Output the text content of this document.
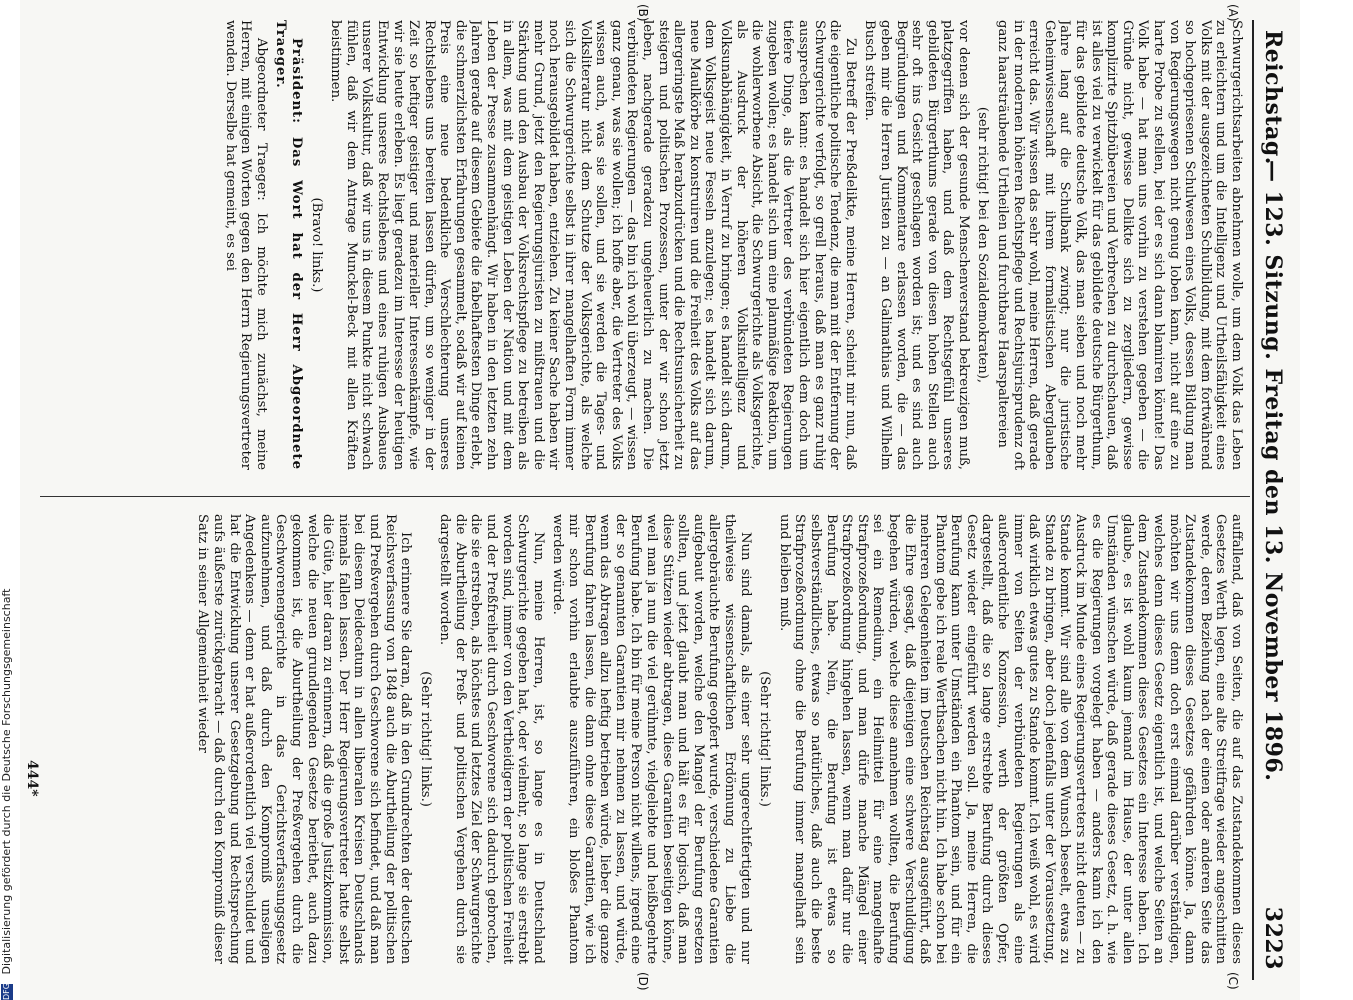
Reichstag.
— 123. Sitzung. Freitag den 13. November 1896.
3223
(A)
(B)
(C)
(D)

Schwurgerichtsarbeiten abnehmen wolle, um dem Volk das Leben zu erleichtern und um die Intelligenz und Urtheilsfähigkeit eines Volks mit der ausgezeichneten Schulbildung, mit dem fortwährend so hochgepriesenen Schulwesen eines Volks, dessen Bildung man von Regierungswegen nicht genug loben kann, nicht auf eine zu harte Probe zu stellen, bei der es sich dann blamiren könnte! Das Volk habe — hat man uns vorhin zu verstehen gegeben — die Gründe nicht, gewisse Delikte sich zu zergliedern, gewisse komplizirte Spitzbübereien und Verbrechen zu durchschauen, daß ist alles viel zu verwickelt für das gebildete deutsche Bürgerthum, für das gebildete deutsche Volk, das man sieben und noch mehr Jahre lang auf die Schulbank zwingt; nur die juristische Geheimwissenschaft mit ihrem formalistischen Aberglauben erreicht das. Wir wissen das sehr wohl, meine Herren, daß gerade in der modernen höheren Rechtspflege und Rechtsjurisprudenz oft ganz haarsträubende Urtheilen und furchtbare Haarspaltereien

(sehr richtig! bei den Sozialdemokraten),

vor denen sich der gesunde Menschenverstand bekreuzigen muß, platzgegriffen haben, und daß dem Rechtsgefühl unseres gebildeten Bürgerthums gerade von diesen hohen Stellen auch sehr oft ins Gesicht geschlagen worden ist; und es sind auch Begründungen und Kommentare erlassen worden, die — das geben mir die Herren Juristen zu — an Galimathias und Wilhelm Busch streifen.

Zu Betreff der Preßdelikte, meine Herren, scheint mir nun, daß die eigentliche politische Tendenz, die man mit der Entfernung der Schwurgerichte verfolgt, so grell heraus, daß man es ganz ruhig aussprechen kann: es handelt sich hier eigentlich dem doch um tiefere Dinge, als die Vertreter des verbündeten Regierungen zugeben wollen; es handelt sich um eine planmäßige Reaktion, um die wohlerworbene Absicht, die Schwurgerichte als Volksgerichte, als Ausdruck der höheren Volksintelligenz und Volksunabhängigkeit, in Verruf zu bringen; es handelt sich darum, dem Volksgeist neue Fesseln anzulegen; es handelt sich darum, neue Maulkörbe zu konstruiren und die Freiheit des Volks auf das allergeringste Maß herabzudrücken und die Rechtsunsicherheit zu steigern und politischen Prozessen, unter der wir schon jetzt leben, nachgerade geradezu ungeheuerlich zu machen. Die verbündeten Regierungen — das bin ich wohl überzeugt, — wissen ganz genau, was sie wollen; ich hoffe aber, die Vertreter des Volks wissen auch, was sie sollen, und sie werden die Tages- und Volksliteratur nicht dem Schutze der Volksgerichte, als welche sich die Schwurgerichte selbst in ihrer mangelhaften Form immer noch herausgebildet haben, entziehen. Zu keiner Sache haben wir mehr Grund, jetzt den Regierungsjuristen zu mißtrauen und die Stärkung und den Ausbau der Volksrechtspflege zu betreiben als in allem, was mit dem geistigen Leben der Nation und mit dem Leben der Presse zusammenhängt. Wir haben in den letzten zehn Jahren gerade auf diesem Gebiete die fabelhaftesten Dinge erlebt, die schmerzlichsten Erfahrungen gesammelt, sodaß wir auf keinen Preis eine neue bedenkliche Verschlechterung unseres Rechtslebens uns bereiten lassen dürfen, um so weniger in der Zeit so heftiger geistiger und materieller Interessenkämpfe, wie wir sie heute erleben. Es liegt geradezu im Interesse der heutigen Entwicklung unseres Rechtslebens und eines ruhigen Ausbaues unserer Volkskultur, daß wir uns in diesem Punkte nicht schwach fühlen, daß wir dem Antrage Munckel-Beck mit allen Kräften beistimmen.

(Bravo! links.)

Präsident: Das Wort hat der Herr Abgeordnete Traeger.

Abgeordneter Traeger: Ich möchte mich zunächst, meine Herren, mit einigen Worten gegen den Herrn Regierungsvertreter wenden. Derselbe hat gemeint, es sei

auffallend, daß von Seiten, die auf das Zustandekommen dieses Gesetzes Werth legen, eine alte Streitfrage wieder angeschnitten werde, deren Beziehung nach der einen oder anderen Seite das Zustandekommen dieses Gesetzes gefährden könne. Ja, dann möchten wir uns denn doch erst einmal darüber verständigen, welches denn dieses Gesetz eigentlich ist, und welche Seiten an dem Zustandekommen dieses Gesetzes ein Interesse haben. Ich glaube, es ist wohl kaum jemand im Hause, der unter allen Umständen wünschen würde, daß gerade dieses Gesetz, d. h. wie es die Regierungen vorgelegt haben — anders kann ich den Ausdruck im Munde eines Regierungsvertreters nicht deuten — zu Stande kommt. Wir sind alle von dem Wunsch beseelt, etwas zu Stande zu bringen, aber doch jedenfalls unter der Voraussetzung, daß wirklich etwas gutes zu Stande kommt. Ich weiß wohl, es wird immer von Seiten der verbündeten Regierungen als eine außerordentliche Konzession, werth der größten Opfer, dargestellt, daß die so lange erstrebte Berufung durch dieses Gesetz wieder eingeführt werden soll. Ja, meine Herren, die Berufung kann unter Umständen ein Phantom sein, und für ein Phantom gebe ich reale Werthsachen nicht hin. Ich habe schon bei mehreren Gelegenheiten im Deutschen Reichstag ausgeführt, daß die Ehre gesagt, daß diejenigen eine schwere Verschuldigung begehen würden, welche diese annehmen wollten, die Berufung sei ein Remedium, ein Heilmittel für eine mangelhafte Strafprozeßordnung, und man dürfe manche Mängel einer Strafprozeßordnung hingehen lassen, wenn man dafür nur die Berufung habe. Nein, die Berufung ist etwas so selbstverständliches, etwas so natürliches, daß auch die beste Strafprozeßordnung ohne die Berufung immer mangelhaft sein und bleiben muß.

(Sehr richtig! links.)

Nun sind damals, als einer sehr ungerechtfertigten und nur theilweise wissenschaftlichen Erdönnung zu Liebe die allergebräuchte Berufung geopfert wurde, verschiedene Garantien aufgebaut worden, welche den Mangel der Berufung ersetzen sollten, und jetzt glaubt man und hält es für logisch, daß man diese Stützen wieder abtragen, diese Garantien beseitigen könne, weil man ja nun die viel gerühmte, vielgeliebte und heißbegehrte Berufung habe. Ich bin für meine Person nicht willens, irgend eine der so genannten Garantien mir nehmen zu lassen, und würde, wenn das Abtragen allzu heftig betrieben würde, lieber die ganze Berufung fahren lassen, die dann ohne diese Garantien, wie ich mir schon vorhin erlaubte auszuführen, ein bloßes Phantom werden würde.

Nun, meine Herren, ist, so lange es in Deutschland Schwurgerichte gegeben hat, oder vielmehr, so lange sie erstrebt worden sind, immer von den Vertheidigern der politischen Freiheit und der Preßfreiheit durch Geschworene sich dadurch gebrochen, die sie erstreben, als höchstes und letztes Ziel der Schwurgerichte die Aburtheilung der Preß- und politischen Vergehen durch sie dargestellt worden.

(Sehr richtig! links.)

Ich erinnere Sie daran, daß in den Grundrechten der deutschen Reichsverfassung von 1848 auch die Aburtheilung der politischen und Preßvergehen durch Geschworene sich befindet, und daß man bei diesem Deidecatum in allen liberalen Kreisen Deutschlands niemals fallen lassen. Der Herr Regierungsvertreter hatte selbst die Güte, hier daran zu erinnern, daß die große Justizkommission, welche die neuen grundlegenden Gesetze beriethet, auch dazu gekommen ist, die Aburtheilung der Preßvergehen durch die Geschworenengerichte in das Gerichtsverfassungsgesetz aufzunehmen, und daß durch den Kompromiß unseligen Angedenkens — denn er hat außerordentlich viel verschuldet und hat die Entwicklung unserer Gesetzgebung und Rechtsprechung aufs äußerste zurückgebracht — daß durch den Kompromiß dieser Satz in seiner Allgemeinheit wieder

444*
DFG Digitalisierung gefördert durch die Deutsche Forschungsgemeinschaft
